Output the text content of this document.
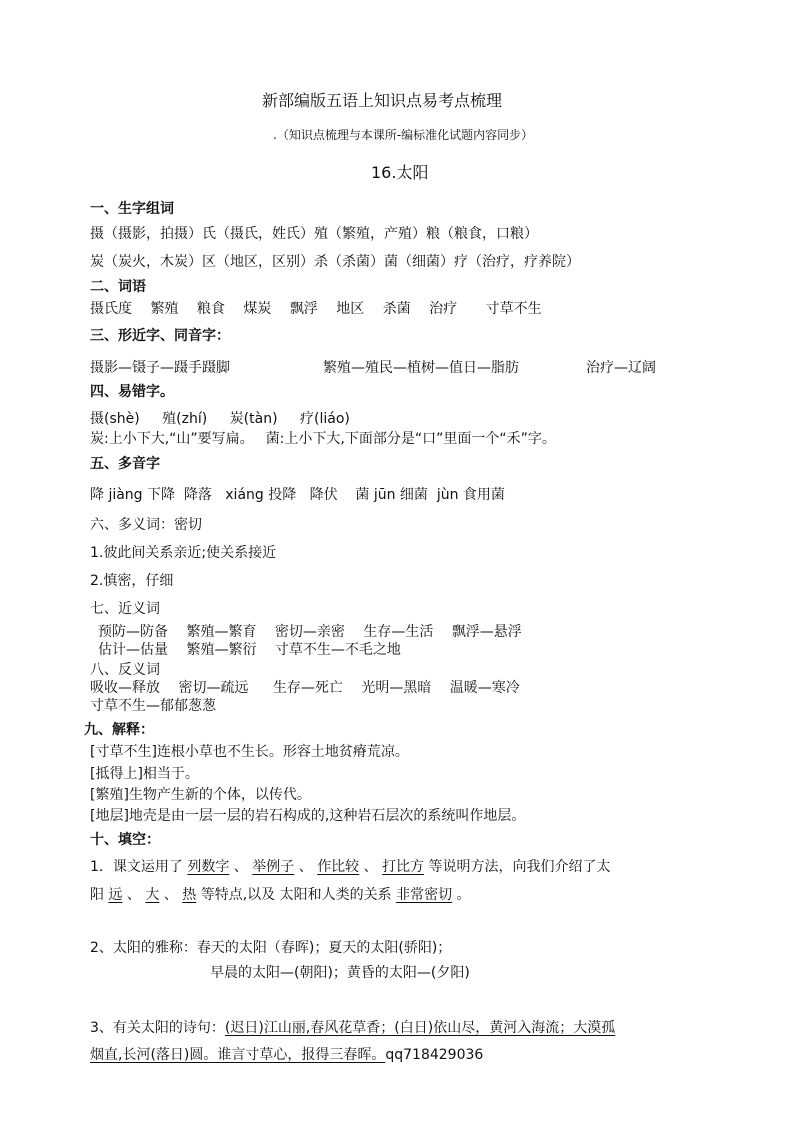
新部编版五语上知识点易考点梳理
.（知识点梳理与本课所-编标准化试题内容同步）
16.太阳
一、生字组词
摄（摄影，拍摄）氏（摄氏，姓氏）殖（繁殖，产殖）粮（粮食，口粮）
炭（炭火，木炭）区（地区，区别）杀（杀菌）菌（细菌）疗（治疗，疗养院）
二、词语
摄氏度 繁殖 粮食 煤炭 飘浮 地区 杀菌 治疗 寸草不生
三、形近字、同音字：
摄影—镊子—蹑手蹑脚	繁殖—殖民—植树—值日—脂肪	治疗—辽阔
四、易错字。
摄(shè) 殖(zhí) 炭(tàn) 疗(liáo)
炭:上小下大,“山”要写扁。 菌:上小下大,下面部分是“口”里面一个“禾”字。
五、多音字
降 jiàng 下降  降落   xiáng 投降   降伏    菌 jūn 细菌  jùn 食用菌
六、多义词：密切
1.彼此间关系亲近;使关系接近
2.慎密，仔细
七、近义词
预防—防备 繁殖—繁育 密切—亲密 生存—生活 飘浮—悬浮
估计—估量 繁殖—繁衍 寸草不生—不毛之地
八、反义词
吸收—释放 密切—疏远 生存—死亡 光明—黑暗 温暖—寒冷
寸草不生—郁郁葱葱
九、解释：
[寸草不生]连根小草也不生长。形容土地贫瘠荒凉。
[抵得上]相当于。
[繁殖]生物产生新的个体，以传代。
[地层]地壳是由一层一层的岩石构成的,这种岩石层次的系统叫作地层。
十、填空：
1．课文运用了 列数字 、 举例子 、 作比较 、 打比方 等说明方法，向我们介绍了太
阳 远 、 大 、 热 等特点,以及 太阳和人类的关系 非常密切 。
2、太阳的雅称：春天的太阳（春晖)；夏天的太阳(骄阳)；
早晨的太阳—(朝阳)；黄昏的太阳—(夕阳)
3、有关太阳的诗句：(迟日)江山丽,春风花草香；(白日)依山尽，黄河入海流；大漠孤
烟直,长河(落日)圆。谁言寸草心，报得三春晖。qq718429036
